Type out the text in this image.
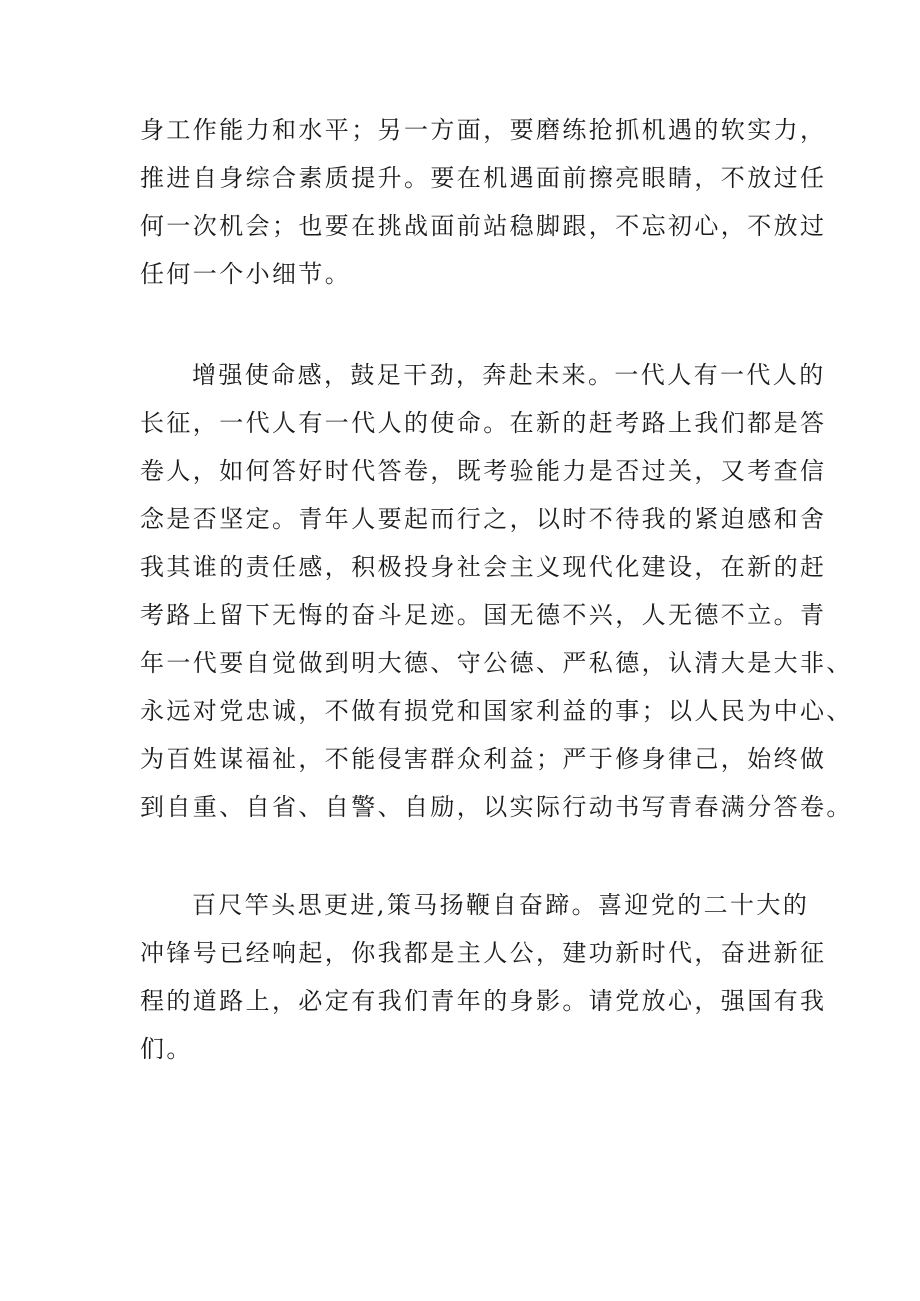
身工作能力和水平；另一方面，要磨练抢抓机遇的软实力，
推进自身综合素质提升。要在机遇面前擦亮眼睛，不放过任
何一次机会；也要在挑战面前站稳脚跟，不忘初心，不放过
任何一个小细节。
增强使命感，鼓足干劲，奔赴未来。一代人有一代人的
长征，一代人有一代人的使命。在新的赶考路上我们都是答
卷人，如何答好时代答卷，既考验能力是否过关，又考查信
念是否坚定。青年人要起而行之，以时不待我的紧迫感和舍
我其谁的责任感，积极投身社会主义现代化建设，在新的赶
考路上留下无悔的奋斗足迹。国无德不兴，人无德不立。青
年一代要自觉做到明大德、守公德、严私德，认清大是大非、
永远对党忠诚，不做有损党和国家利益的事；以人民为中心、
为百姓谋福祉，不能侵害群众利益；严于修身律己，始终做
到自重、自省、自警、自励，以实际行动书写青春满分答卷。
百尺竿头思更进,策马扬鞭自奋蹄。喜迎党的二十大的
冲锋号已经响起，你我都是主人公，建功新时代，奋进新征
程的道路上，必定有我们青年的身影。请党放心，强国有我
们。
